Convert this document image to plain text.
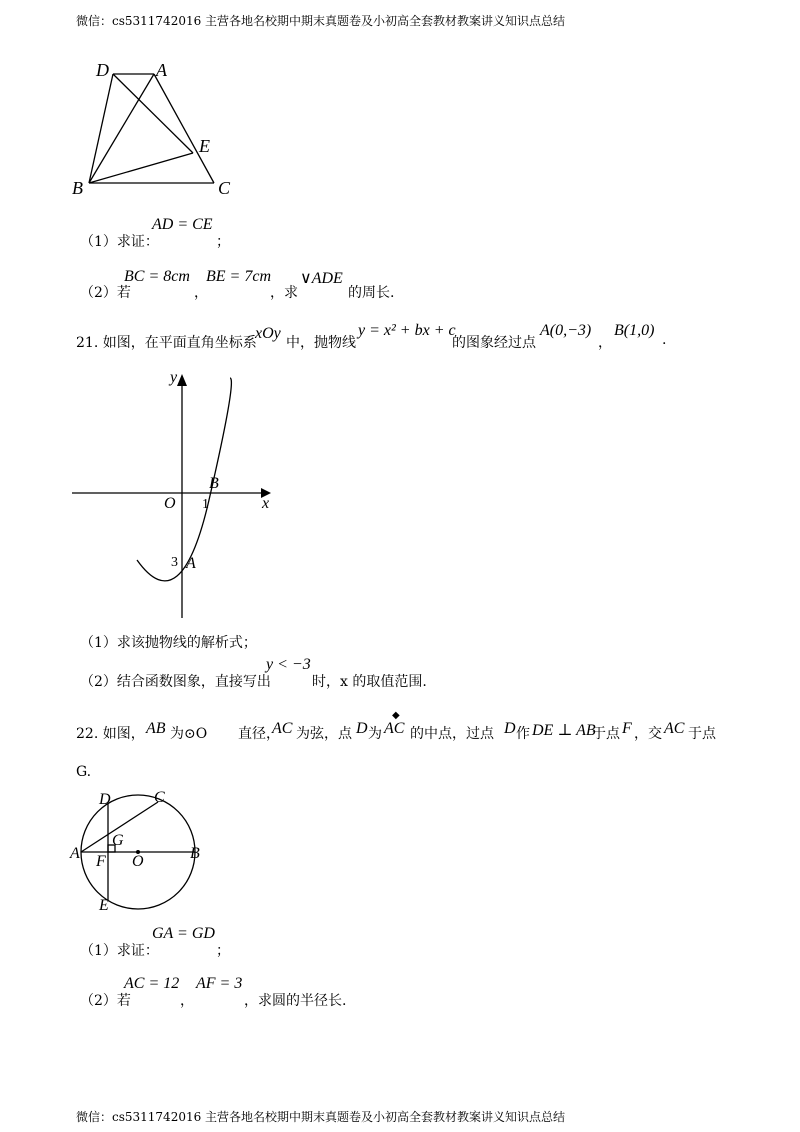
微信：cs5311742016 主营各地名校期中期末真题卷及小初高全套教材教案讲义知识点总结
D	A
E
B	C
（1）求证：
AD = CE
；
（2）若
BC = 8cm
，
BE = 7cm
，求
∨ADE
的周长.
21. 如图，在平面直角坐标系
xOy
中，抛物线
y = x² + bx + c
的图象经过点
A(0,−3)
，
B(1,0)
.
y
x
O
B
A
1
3
（1）求该抛物线的解析式；
（2）结合函数图象，直接写出
y < −3
时，x 的取值范围.
22. 如图， AB 为⊙O 直径，
AC 为弦，点 D 为
◆
AC 的中点，过点 D 作 DE ⊥ AB
于点 F ，交 AC 于点
G.
D	C
G
A F O	B
E
（1）求证：
GA = GD
；
（2）若
AC = 12
，
AF = 3
，求圆的半径长.
微信：cs5311742016 主营各地名校期中期末真题卷及小初高全套教材教案讲义知识点总结
